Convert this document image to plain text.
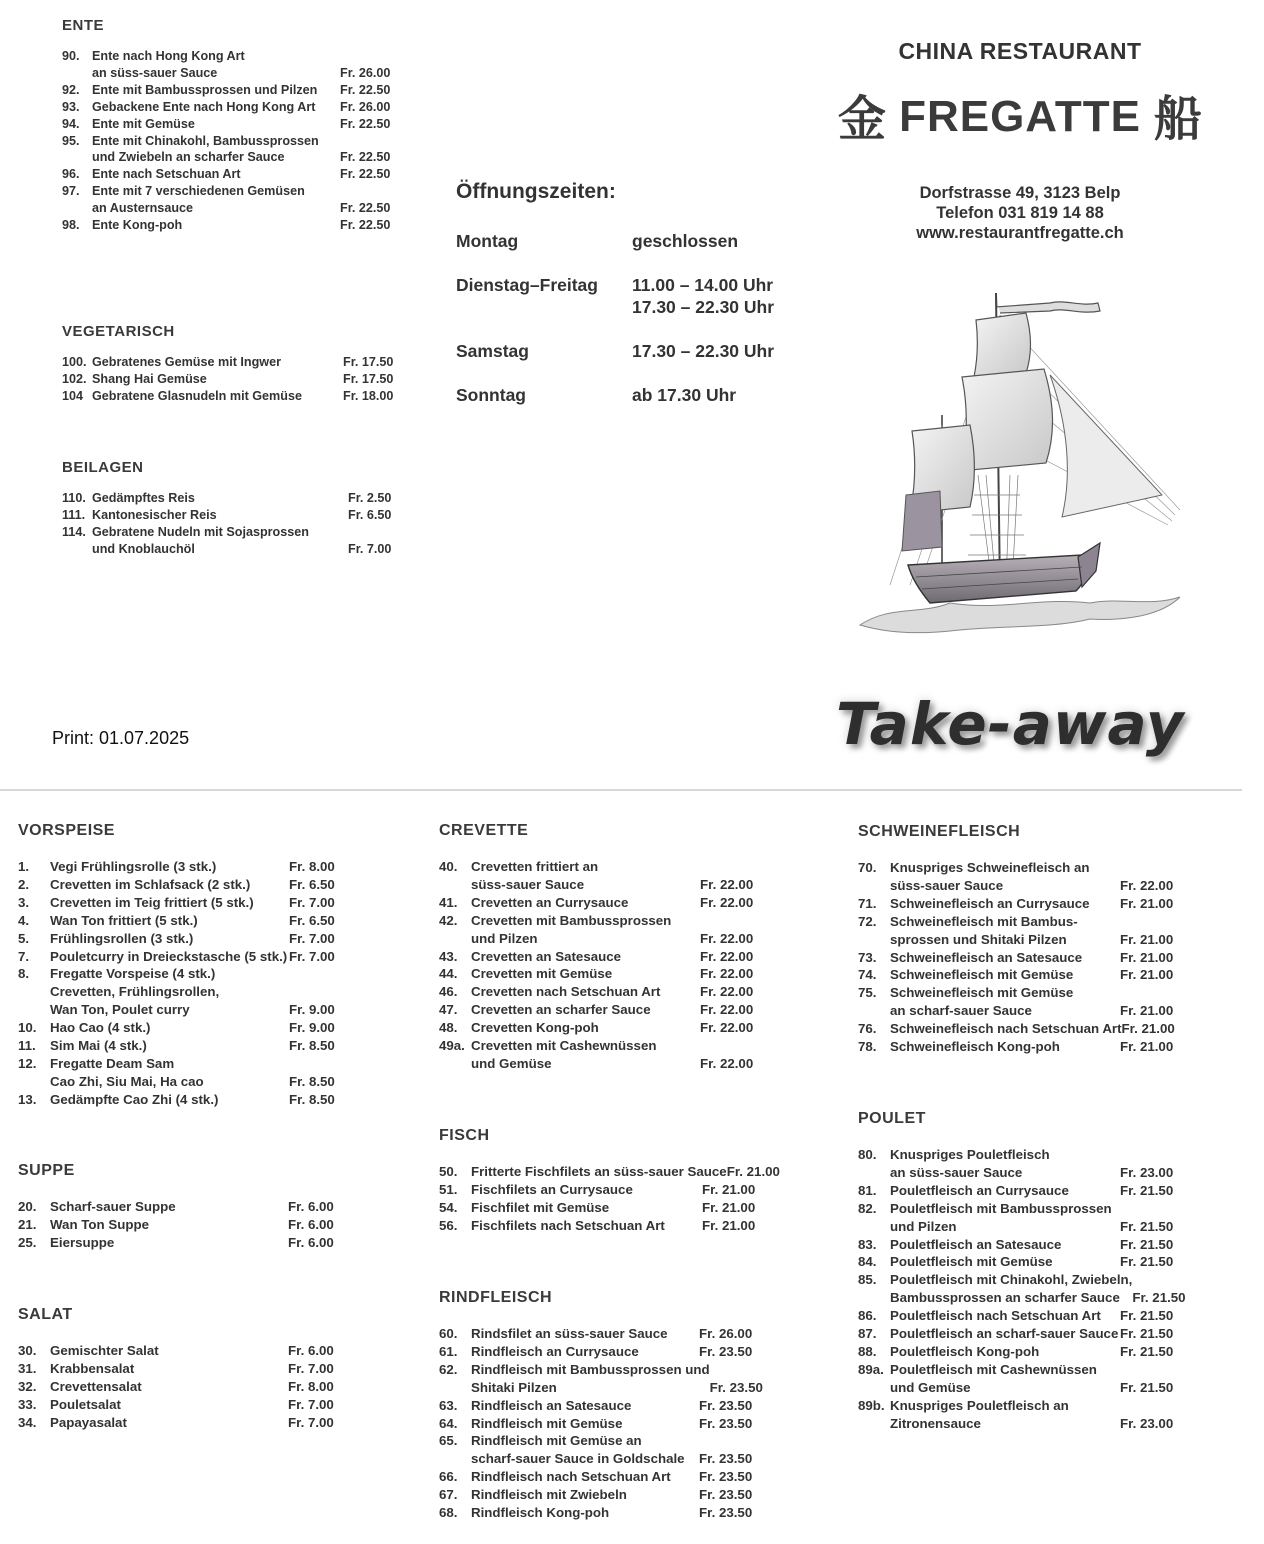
ENTE
90. Ente nach Hong Kong Art
an süss-sauer Sauce	Fr. 26.00
92. Ente mit Bambussprossen und Pilzen	Fr. 22.50
93. Gebackene Ente nach Hong Kong Art	Fr. 26.00
94. Ente mit Gemüse	Fr. 22.50
95. Ente mit Chinakohl, Bambussprossen
und Zwiebeln an scharfer Sauce	Fr. 22.50
96. Ente nach Setschuan Art	Fr. 22.50
97. Ente mit 7 verschiedenen Gemüsen
an Austernsauce	Fr. 22.50
98. Ente Kong-poh	Fr. 22.50
VEGETARISCH
100. Gebratenes Gemüse mit Ingwer	Fr. 17.50
102. Shang Hai Gemüse	Fr. 17.50
104 Gebratene Glasnudeln mit Gemüse	Fr. 18.00
BEILAGEN
110. Gedämpftes Reis	Fr. 2.50
111. Kantonesischer Reis	Fr. 6.50
114. Gebratene Nudeln mit Sojasprossen
und Knoblauchöl	Fr. 7.00
Öffnungszeiten:
Montag	geschlossen
Dienstag–Freitag	11.00 – 14.00 Uhr
17.30 – 22.30 Uhr
Samstag	17.30 – 22.30 Uhr
Sonntag	ab 17.30 Uhr
CHINA RESTAURANT
金 FREGATTE 船
Dorfstrasse 49, 3123 Belp
Telefon 031 819 14 88
www.restaurantfregatte.ch
Take-away
Print: 01.07.2025
VORSPEISE
1.	Vegi Frühlingsrolle (3 stk.)	Fr. 8.00
2.	Crevetten im Schlafsack (2 stk.)	Fr. 6.50
3.	Crevetten im Teig frittiert (5 stk.)	Fr. 7.00
4.	Wan Ton frittiert (5 stk.)	Fr. 6.50
5.	Frühlingsrollen (3 stk.)	Fr. 7.00
7.	Pouletcurry in Dreieckstasche (5 stk.) Fr. 7.00
8.	Fregatte Vorspeise (4 stk.)
Crevetten, Frühlingsrollen,
Wan Ton, Poulet curry	Fr. 9.00
10.	Hao Cao (4 stk.)	Fr. 9.00
11.	Sim Mai (4 stk.)	Fr. 8.50
12.	Fregatte Deam Sam
Cao Zhi, Siu Mai, Ha cao	Fr. 8.50
13.	Gedämpfte Cao Zhi (4 stk.)	Fr. 8.50
SUPPE
20.	Scharf-sauer Suppe	Fr. 6.00
21.	Wan Ton Suppe	Fr. 6.00
25.	Eiersuppe	Fr. 6.00
SALAT
30.	Gemischter Salat	Fr. 6.00
31.	Krabbensalat	Fr. 7.00
32.	Crevettensalat	Fr. 8.00
33.	Pouletsalat	Fr. 7.00
34.	Papayasalat	Fr. 7.00
CREVETTE
40.	Crevetten frittiert an
süss-sauer Sauce	Fr. 22.00
41.	Crevetten an Currysauce	Fr. 22.00
42.	Crevetten mit Bambussprossen
und Pilzen	Fr. 22.00
43.	Crevetten an Satesauce	Fr. 22.00
44.	Crevetten mit Gemüse	Fr. 22.00
46.	Crevetten nach Setschuan Art	Fr. 22.00
47.	Crevetten an scharfer Sauce	Fr. 22.00
48.	Crevetten Kong-poh	Fr. 22.00
49a. Crevetten mit Cashewnüssen
und Gemüse	Fr. 22.00
FISCH
50.	Fritterte Fischfilets an süss-sauer Sauce Fr. 21.00
51.	Fischfilets an Currysauce	Fr. 21.00
54.	Fischfilet mit Gemüse	Fr. 21.00
56.	Fischfilets nach Setschuan Art	Fr. 21.00
RINDFLEISCH
60.	Rindsfilet an süss-sauer Sauce	Fr. 26.00
61.	Rindfleisch an Currysauce	Fr. 23.50
62.	Rindfleisch mit Bambussprossen und
Shitaki Pilzen	Fr. 23.50
63.	Rindfleisch an Satesauce	Fr. 23.50
64.	Rindfleisch mit Gemüse	Fr. 23.50
65.	Rindfleisch mit Gemüse an
scharf-sauer Sauce in Goldschale	Fr. 23.50
66.	Rindfleisch nach Setschuan Art	Fr. 23.50
67.	Rindfleisch mit Zwiebeln	Fr. 23.50
68.	Rindfleisch Kong-poh	Fr. 23.50
SCHWEINEFLEISCH
70.	Knuspriges Schweinefleisch an
süss-sauer Sauce	Fr. 22.00
71.	Schweinefleisch an Currysauce	Fr. 21.00
72.	Schweinefleisch mit Bambus-
sprossen und Shitaki Pilzen	Fr. 21.00
73.	Schweinefleisch an Satesauce	Fr. 21.00
74.	Schweinefleisch mit Gemüse	Fr. 21.00
75.	Schweinefleisch mit Gemüse
an scharf-sauer Sauce	Fr. 21.00
76.	Schweinefleisch nach Setschuan Art Fr. 21.00
78.	Schweinefleisch Kong-poh	Fr. 21.00
POULET
80.	Knuspriges Pouletfleisch
an süss-sauer Sauce	Fr. 23.00
81.	Pouletfleisch an Currysauce	Fr. 21.50
82.	Pouletfleisch mit Bambussprossen
und Pilzen	Fr. 21.50
83.	Pouletfleisch an Satesauce	Fr. 21.50
84.	Pouletfleisch mit Gemüse	Fr. 21.50
85.	Pouletfleisch mit Chinakohl, Zwiebeln,
Bambussprossen an scharfer Sauce Fr. 21.50
86.	Pouletfleisch nach Setschuan Art	Fr. 21.50
87.	Pouletfleisch an scharf-sauer Sauce Fr. 21.50
88.	Pouletfleisch Kong-poh	Fr. 21.50
89a. Pouletfleisch mit Cashewnüssen
und Gemüse	Fr. 21.50
89b. Knuspriges Pouletfleisch an
Zitronensauce	Fr. 23.00
